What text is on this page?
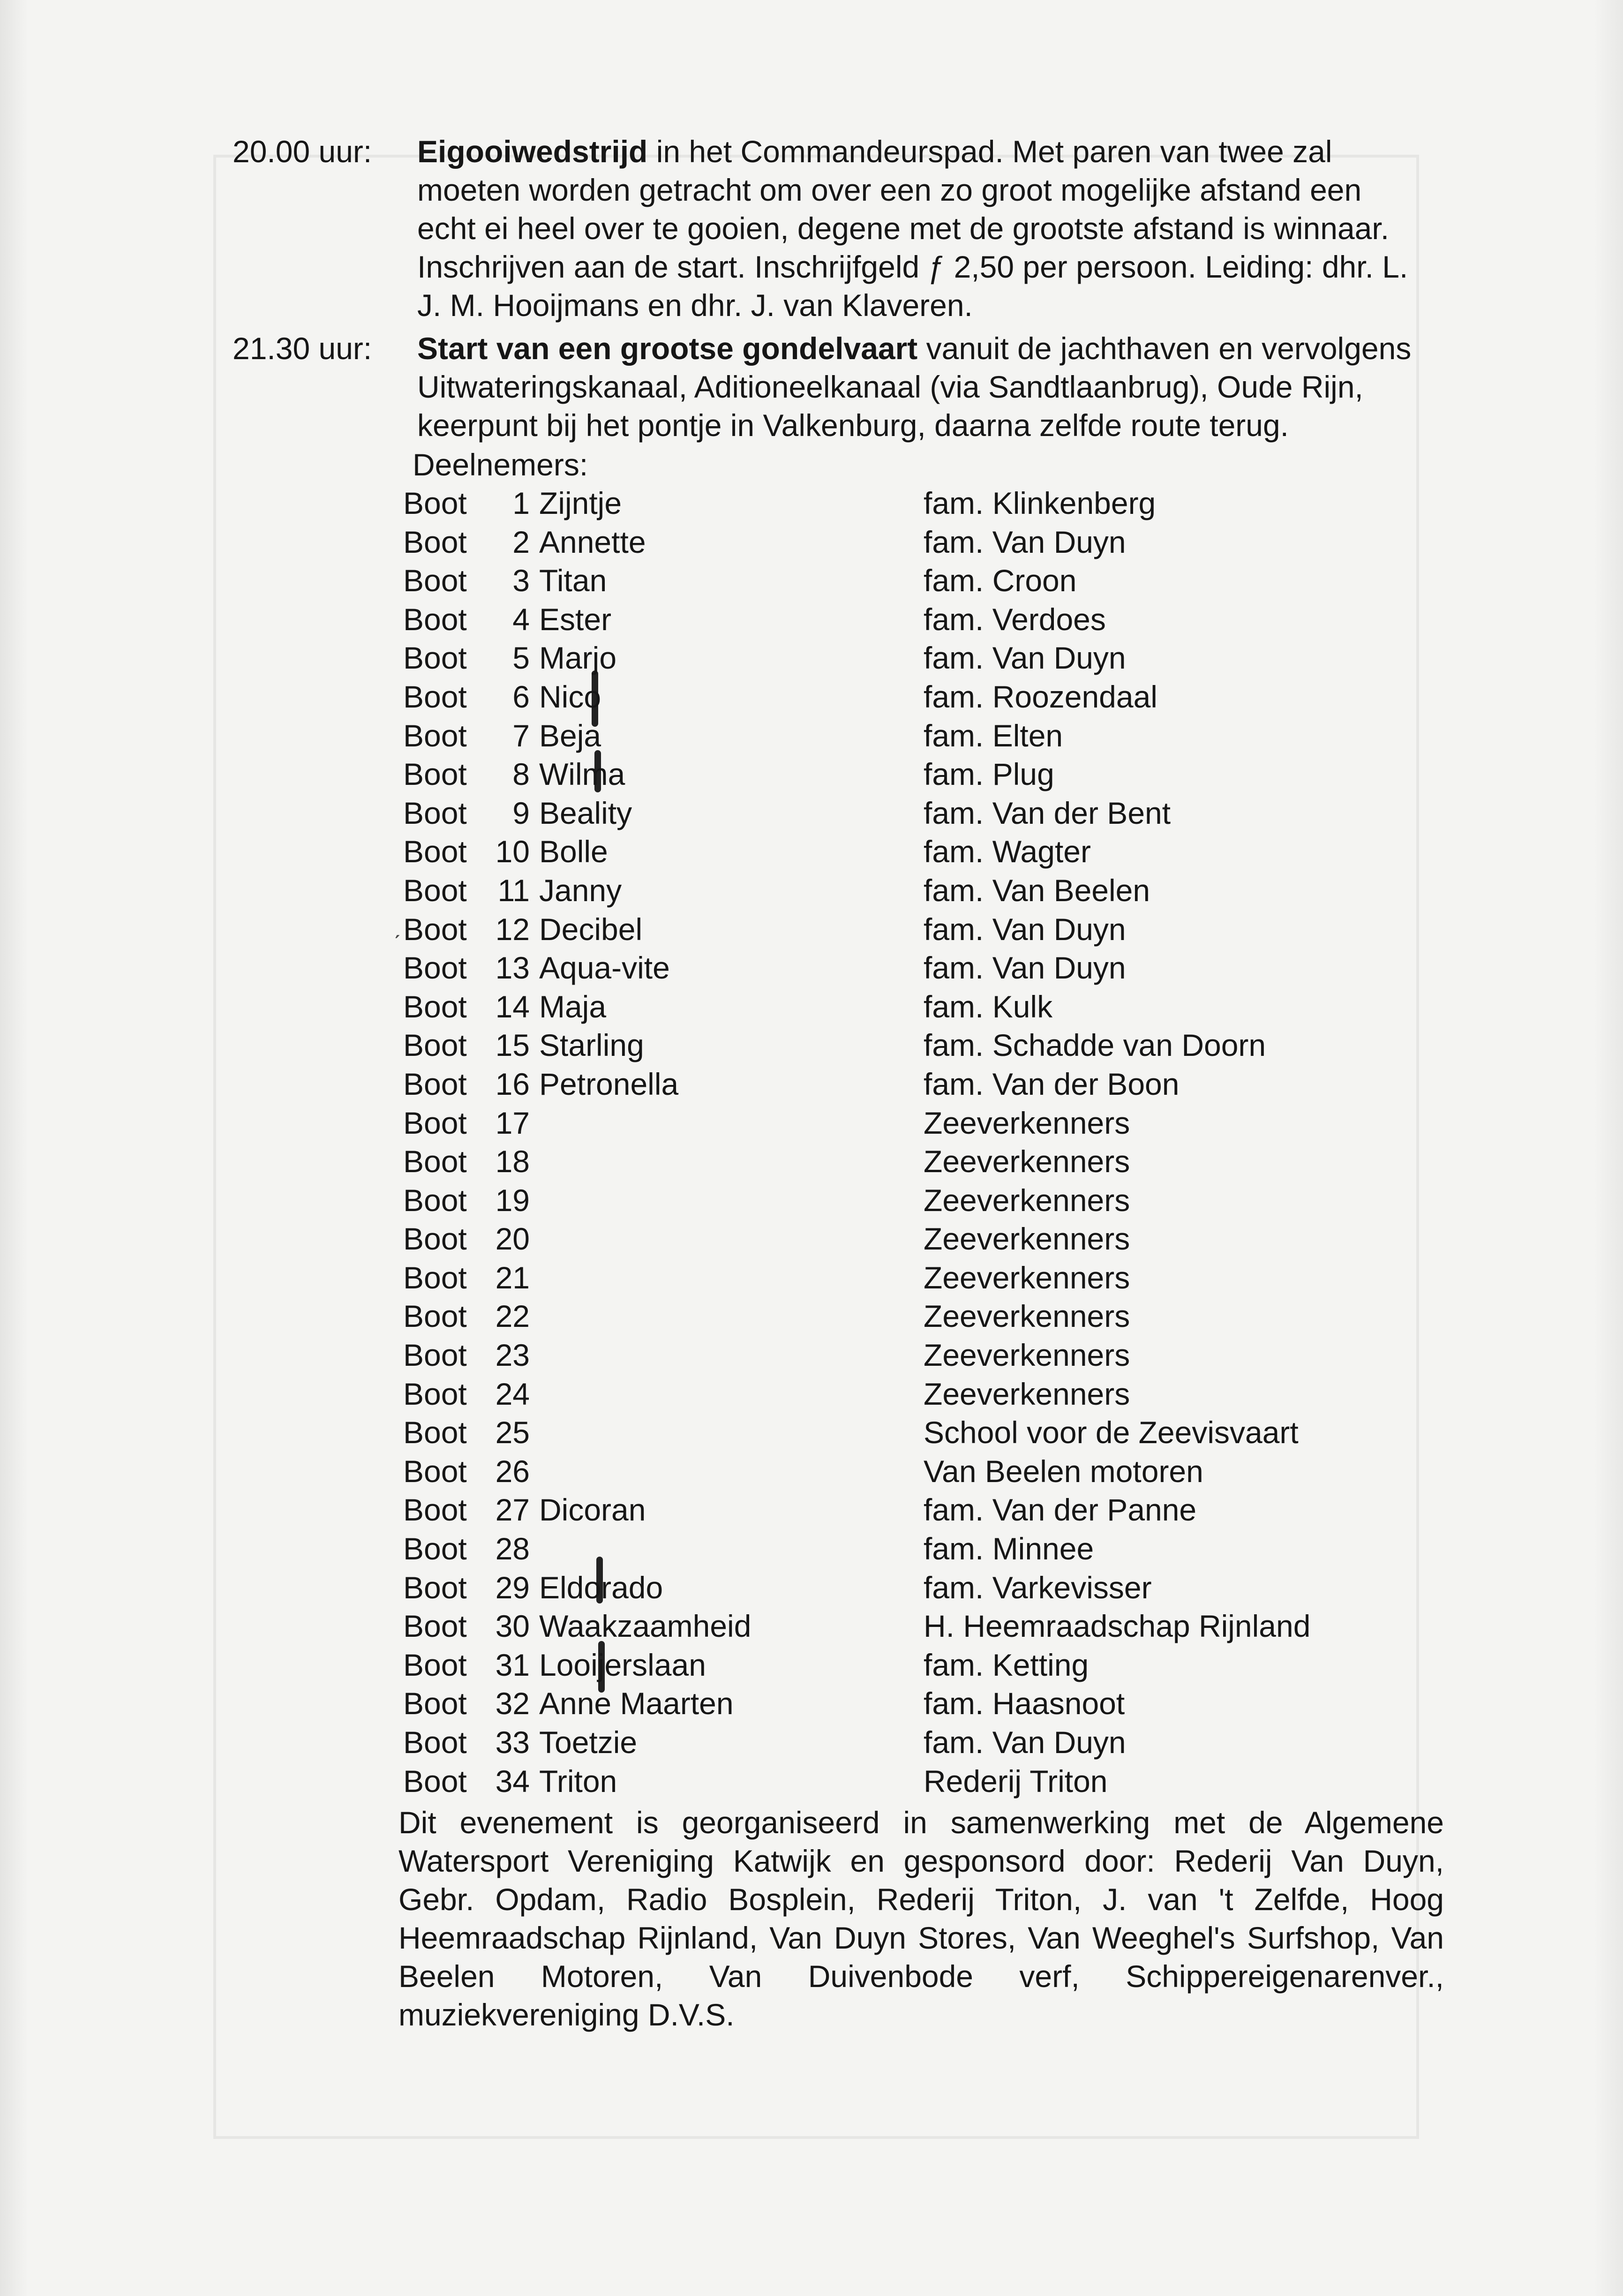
20.00 uur:	Eigooiwedstrijd in het Commandeurspad. Met paren van twee zal moeten worden getracht om over een zo groot mogelijke afstand een echt ei heel over te gooien, degene met de grootste afstand is winnaar. Inschrijven aan de start. Inschrijfgeld ƒ 2,50 per persoon. Leiding: dhr. L. J. M. Hooijmans en dhr. J. van Klaveren.
21.30 uur:	Start van een grootse gondelvaart vanuit de jachthaven en vervolgens Uitwateringskanaal, Aditioneelkanaal (via Sandtlaanbrug), Oude Rijn, keerpunt bij het pontje in Valkenburg, daarna zelfde route terug.
Deelnemers:
Boot	1 Zijntje	fam. Klinkenberg
Boot	2 Annette	fam. Van Duyn
Boot	3 Titan	fam. Croon
Boot	4 Ester	fam. Verdoes
Boot	5 Marjo	fam. Van Duyn
Boot	6 Nico	fam. Roozendaal
Boot	7 Beja	fam. Elten
Boot	8 Wilma	fam. Plug
Boot	9 Beality	fam. Van der Bent
Boot 10 Bolle	fam. Wagter
Boot 11 Janny	fam. Van Beelen
Boot 12 Decibel	fam. Van Duyn
Boot 13 Aqua-vite	fam. Van Duyn
Boot 14 Maja	fam. Kulk
Boot 15 Starling	fam. Schadde van Doorn
Boot 16 Petronella	fam. Van der Boon
Boot 17	Zeeverkenners
Boot 18	Zeeverkenners
Boot 19	Zeeverkenners
Boot 20	Zeeverkenners
Boot 21	Zeeverkenners
Boot 22	Zeeverkenners
Boot 23	Zeeverkenners
Boot 24	Zeeverkenners
Boot 25	School voor de Zeevisvaart
Boot 26	Van Beelen motoren
Boot 27 Dicoran	fam. Van der Panne
Boot 28	fam. Minnee
Boot 29 Eldorado	fam. Varkevisser
Boot 30 Waakzaamheid	H. Heemraadschap Rijnland
Boot 31 Looijerslaan	fam. Ketting
Boot 32 Anne Maarten	fam. Haasnoot
Boot 33 Toetzie	fam. Van Duyn
Boot 34 Triton	Rederij Triton
Dit evenement is georganiseerd in samenwerking met de Algemene Watersport Vereniging Katwijk en gesponsord door: Rederij Van Duyn, Gebr. Opdam, Radio Bosplein, Rederij Triton, J. van 't Zelfde, Hoog Heemraadschap Rijnland, Van Duyn Stores, Van Weeghel's Surfshop, Van Beelen Motoren, Van Duivenbode verf, Schippereigenarenver., muziekvereniging D.V.S.
ˏ
